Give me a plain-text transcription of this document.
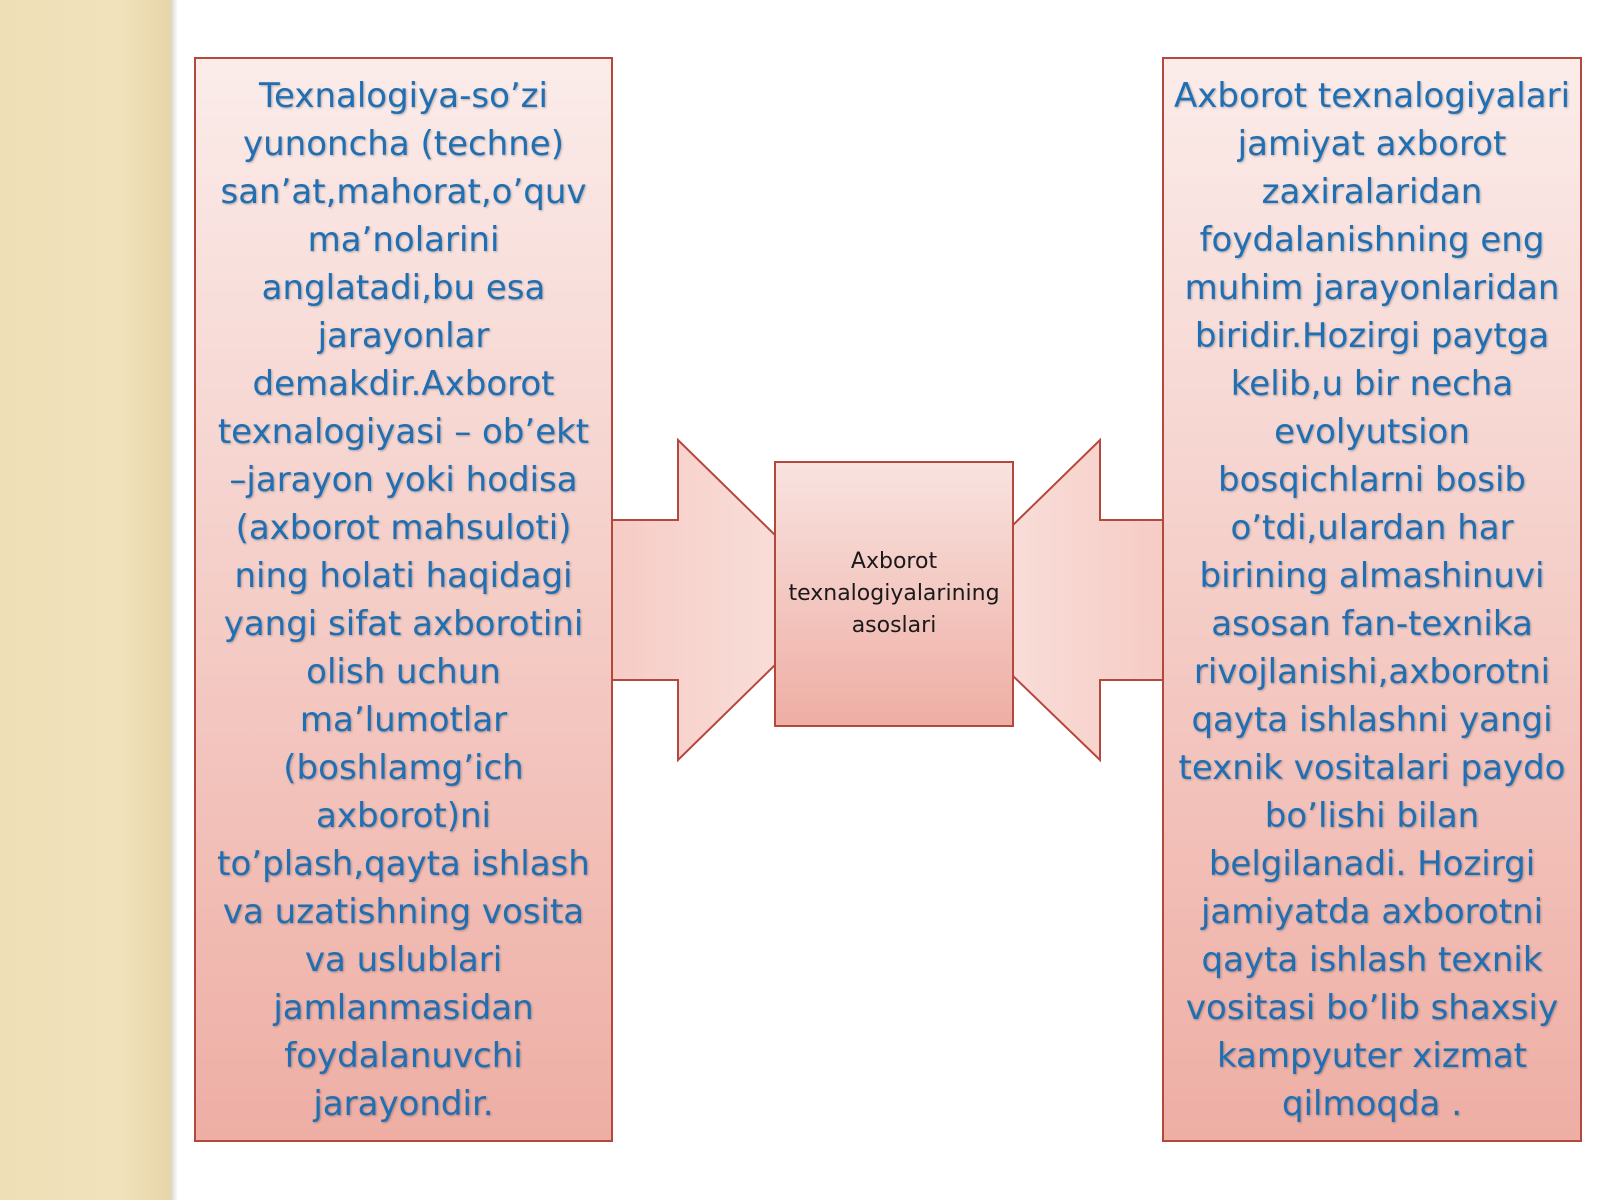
Texnalogiya-so’zi yunoncha (techne) san’at,mahorat,o’quv ma’nolarini anglatadi,bu esa jarayonlar demakdir.Axborot texnalogiyasi – ob’ekt –jarayon yoki hodisa (axborot mahsuloti) ning holati haqidagi yangi sifat axborotini olish uchun ma’lumotlar (boshlamg’ich axborot)ni to’plash,qayta ishlash va uzatishning vosita va uslublari jamlanmasidan foydalanuvchi jarayondir.
Axborot texnalogiyalari jamiyat axborot zaxiralaridan foydalanishning eng muhim jarayonlaridan biridir.Hozirgi paytga kelib,u bir necha evolyutsion bosqichlarni bosib o’tdi,ulardan har birining almashinuvi asosan fan-texnika rivojlanishi,axborotni qayta ishlashni yangi texnik vositalari paydo bo’lishi bilan belgilanadi. Hozirgi jamiyatda axborotni qayta ishlash texnik vositasi bo’lib shaxsiy kampyuter xizmat qilmoqda .
Axborot texnalogiyalarining asoslari
